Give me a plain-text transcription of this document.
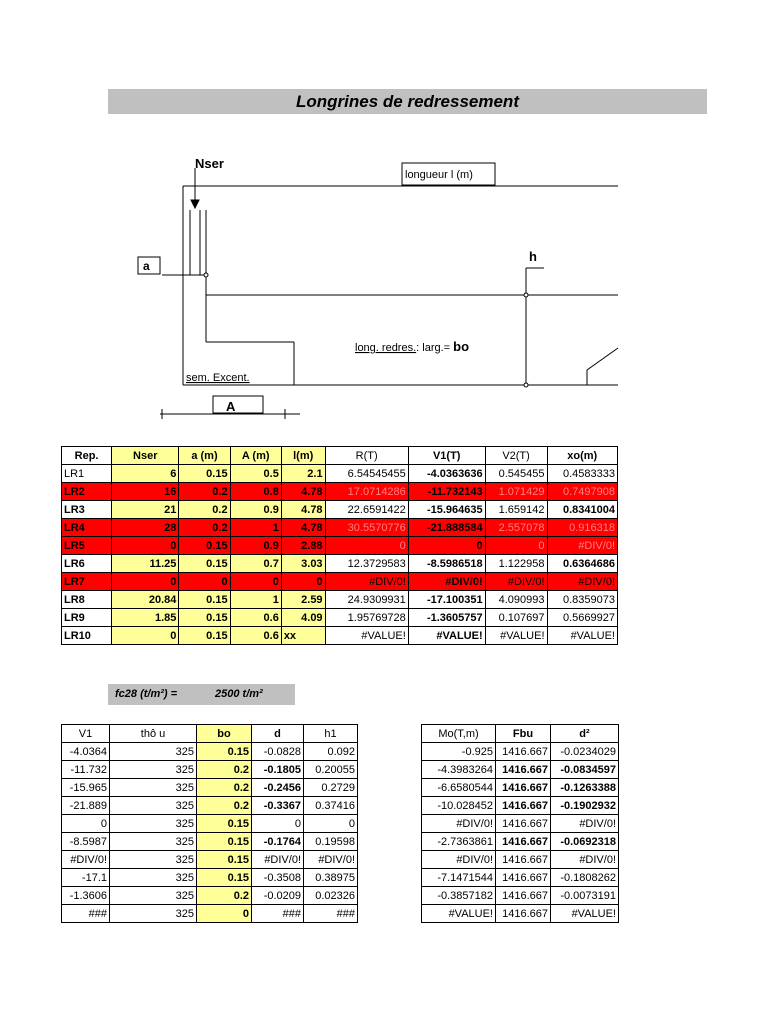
Longrines de redressement
Nser
longueur l (m)
a
h
long. redres.: larg.= bo
sem. Excent.
A
Rep.	Nser	a (m)	A (m)	l(m)	R(T)	V1(T)	V2(T)	xo(m)
LR1	6	0.15	0.5	2.1	6.54545455	-4.0363636	0.545455	0.4583333
LR2	16	0.2	0.8	4.78	17.0714286	-11.732143	1.071429	0.7497908
LR3	21	0.2	0.9	4.78	22.6591422	-15.964635	1.659142	0.8341004
LR4	28	0.2	1	4.78	30.5570776	-21.888584	2.557078	0.916318
LR5	0	0.15	0.9	2.88	0	0	0	#DIV/0!
LR6	11.25	0.15	0.7	3.03	12.3729583	-8.5986518	1.122958	0.6364686
LR7	0	0	0	0	#DIV/0!	#DIV/0!	#DIV/0!	#DIV/0!
LR8	20.84	0.15	1	2.59	24.9309931	-17.100351	4.090993	0.8359073
LR9	1.85	0.15	0.6	4.09	1.95769728	-1.3605757	0.107697	0.5669927
LR10	0	0.15	0.6	xx	#VALUE!	#VALUE!	#VALUE!	#VALUE!
fc28 (t/m²) =	2500 t/m²
V1	thô u	bo	d	h1
-4.0364	325	0.15	-0.0828	0.092
-11.732	325	0.2	-0.1805	0.20055
-15.965	325	0.2	-0.2456	0.2729
-21.889	325	0.2	-0.3367	0.37416
0	325	0.15	0	0
-8.5987	325	0.15	-0.1764	0.19598
#DIV/0!	325	0.15	#DIV/0!	#DIV/0!
-17.1	325	0.15	-0.3508	0.38975
-1.3606	325	0.2	-0.0209	0.02326
###	325	0	###	###
Mo(T,m)	Fbu	d²
-0.925	1416.667	-0.0234029
-4.3983264	1416.667	-0.0834597
-6.6580544	1416.667	-0.1263388
-10.028452	1416.667	-0.1902932
#DIV/0!	1416.667	#DIV/0!
-2.7363861	1416.667	-0.0692318
#DIV/0!	1416.667	#DIV/0!
-7.1471544	1416.667	-0.1808262
-0.3857182	1416.667	-0.0073191
#VALUE!	1416.667	#VALUE!
